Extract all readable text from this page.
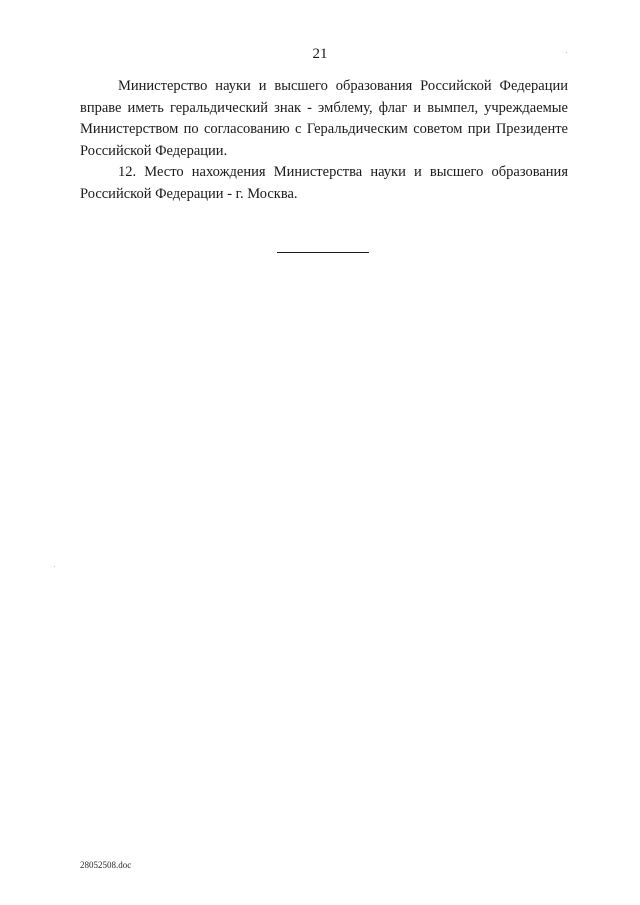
21

Министерство науки и высшего образования Российской Федерации вправе иметь геральдический знак - эмблему, флаг и вымпел, учреждаемые Министерством по согласованию с Геральдическим советом при Президенте Российской Федерации.

12. Место нахождения Министерства науки и высшего образования Российской Федерации - г. Москва.

28052508.doc
